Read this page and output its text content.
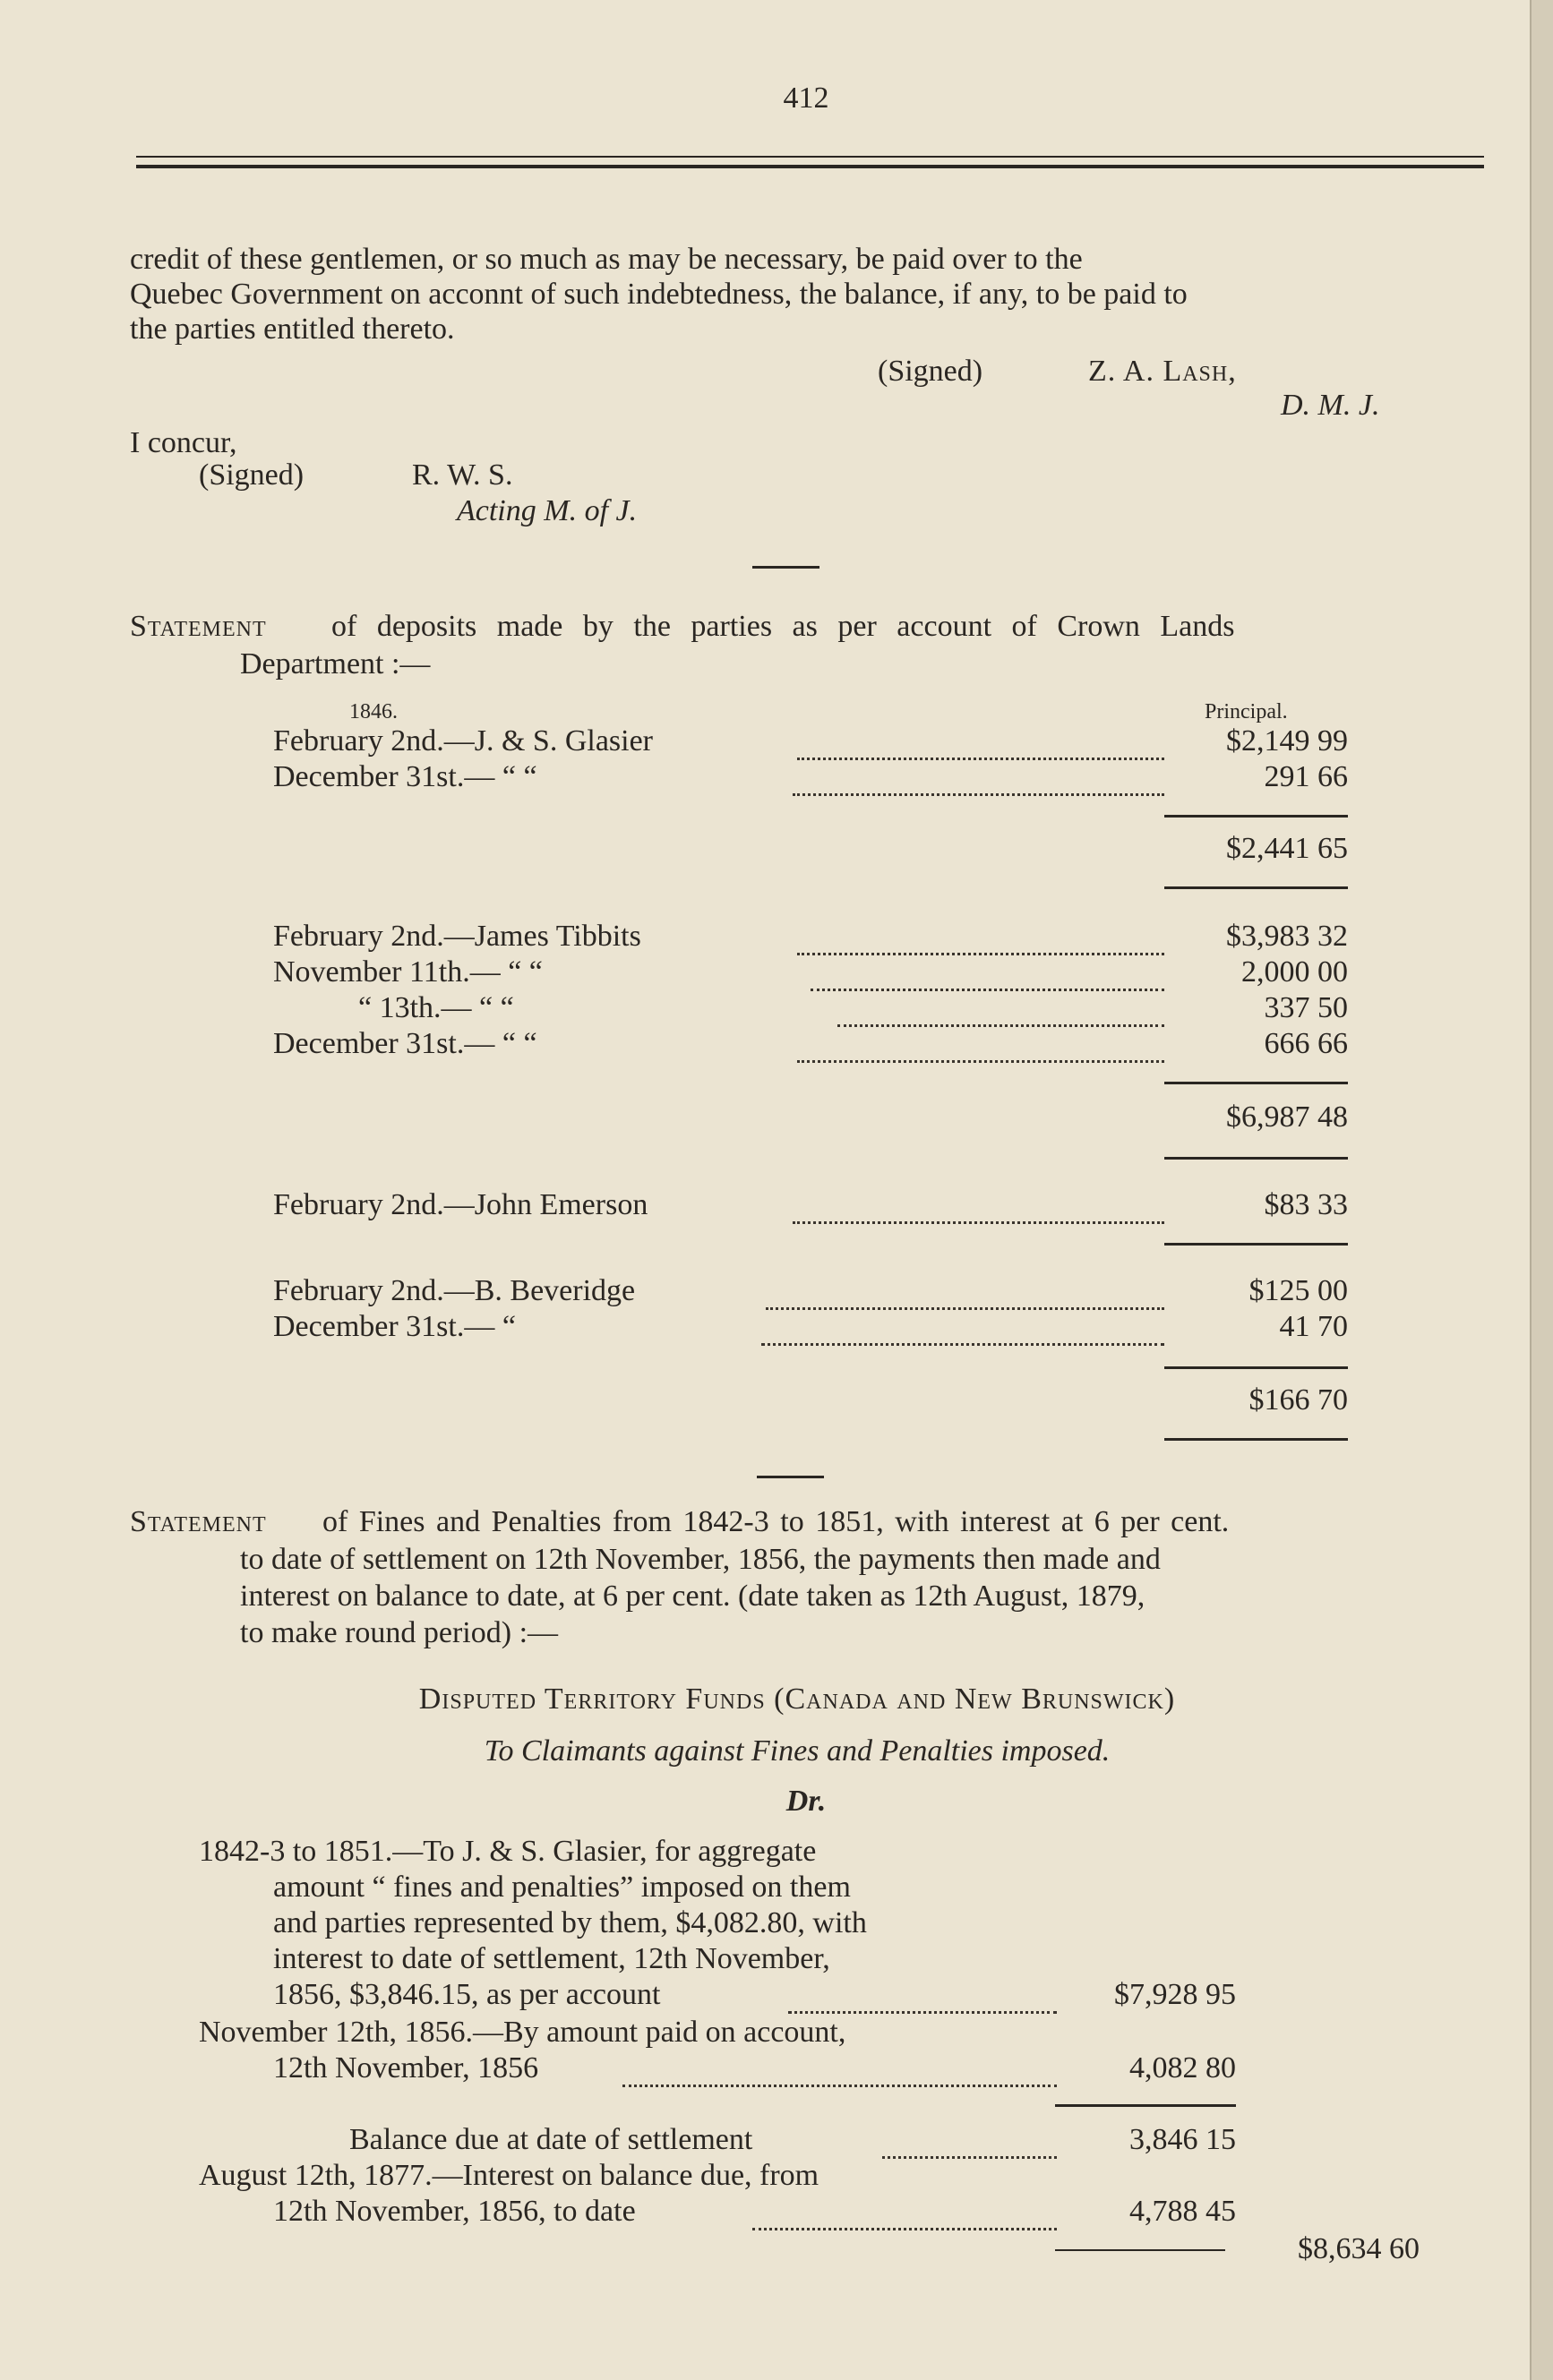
412
credit of these gentlemen, or so much as may be necessary, be paid over to the
Quebec Government on acconnt of such indebtedness, the balance, if any, to be paid to
the parties entitled thereto.
(Signed)	Z. A. Lash,
D. M. J.
I concur,
(Signed)	R. W. S.
Acting M. of J.
Statement of deposits made by the parties as per account of Crown Lands
Department :—
1846.	Principal.
February 2nd.—J. & S. Glasier	$2,149 99
December 31st.— “ “	291 66
$2,441 65
February 2nd.—James Tibbits	$3,983 32
November 11th.— “ “	2,000 00
“ 13th.— “ “	337 50
December 31st.— “ “	666 66
$6,987 48
February 2nd.—John Emerson	$83 33
February 2nd.—B. Beveridge	$125 00
December 31st.— “	41 70
$166 70
Statement of Fines and Penalties from 1842-3 to 1851, with interest at 6 per cent.
to date of settlement on 12th November, 1856, the payments then made and
interest on balance to date, at 6 per cent. (date taken as 12th August, 1879,
to make round period) :—
Disputed Territory Funds (Canada and New Brunswick)
To Claimants against Fines and Penalties imposed.
Dr.
1842-3 to 1851.—To J. & S. Glasier, for aggregate
amount “ fines and penalties” imposed on them
and parties represented by them, $4,082.80, with
interest to date of settlement, 12th November,
1856, $3,846.15, as per account	$7,928 95
November 12th, 1856.—By amount paid on account,
12th November, 1856	4,082 80
Balance due at date of settlement	3,846 15
August 12th, 1877.—Interest on balance due, from
12th November, 1856, to date	4,788 45
$8,634 60
